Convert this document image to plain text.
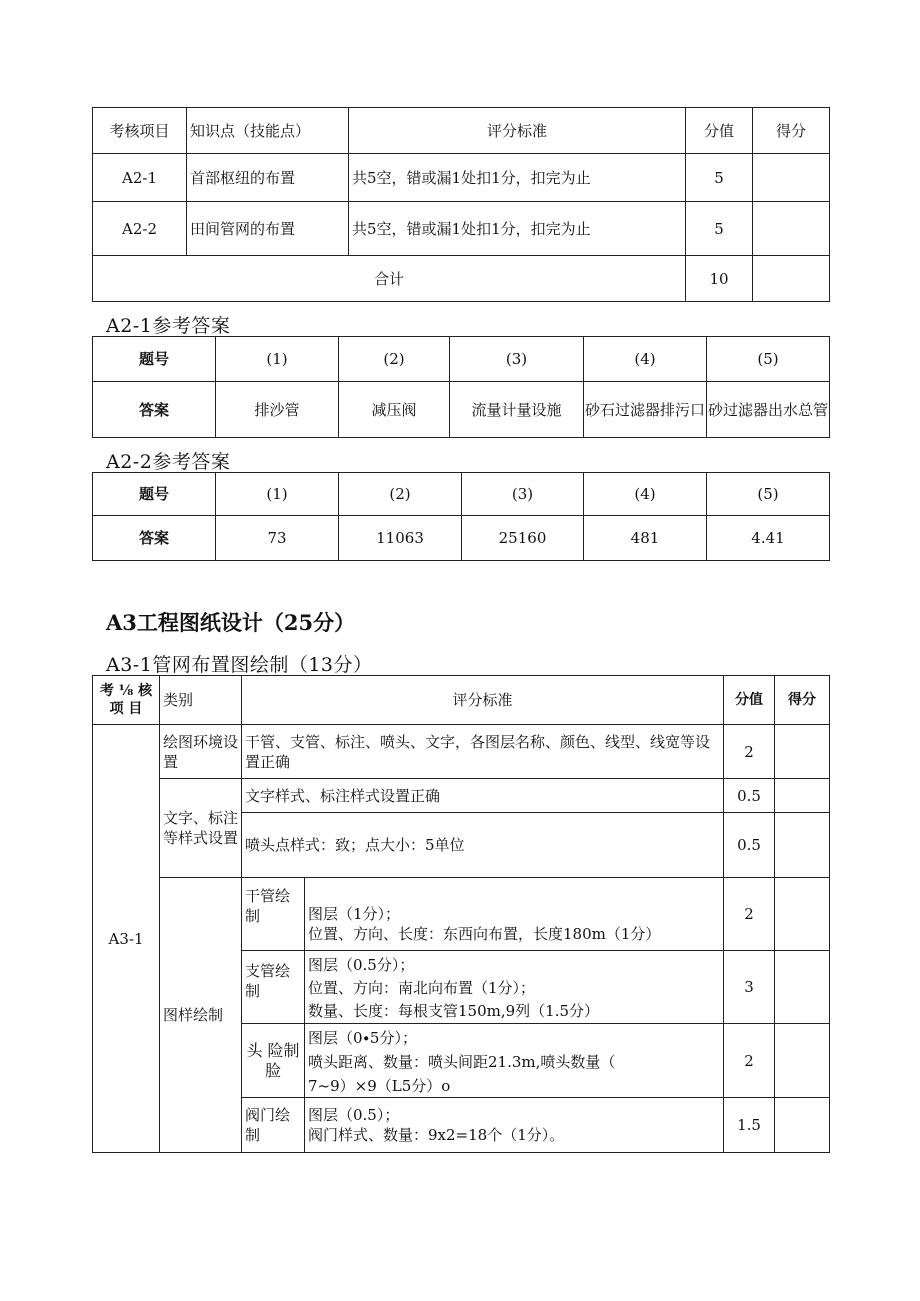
考核项目	知识点（技能点）	评分标准	分值	得分
A2-1	首部枢纽的布置	共5空，错或漏1处扣1分，扣完为止	5	
A2-2	田间管网的布置	共5空，错或漏1处扣1分，扣完为止	5	
合计			10	
A2-1参考答案
题号	(1)	(2)	(3)	(4)	(5)
答案	排沙管	减压阀	流量计量设施	砂石过滤器排污口	砂过滤器出水总管
A2-2参考答案
题号	(1)	(2)	(3)	(4)	(5)
答案	73	11063	25160	481	4.41
A3工程图纸设计（25分）
A3-1管网布置图绘制（13分）
考 ⅛ 核项 目	类别	评分标准		分值	得分
A3-1	绘图环境设置	干管、支管、标注、喷头、文字，各图层名称、颜色、线型、线宽等设置正确		2	
	文字、标注等样式设置	文字样式、标注样式设置正确		0.5	
		喷头点样式：致；点大小：5单位		0.5	
	图样绘制	干管绘制	图层（1分）；
位置、方向、长度：东西向布置，长度180m（1分）	2	
		支管绘制	图层（0.5分）；
位置、方向：南北向布置（1分）；
数量、长度：每根支管150m,9列（1.5分）	3	
		头 险制 脸	图层（0∙5分）；
喷头距离、数量：喷头间距21.3m,喷头数量（
7~9）×9（L5分）o	2	
		阀门绘制	图层（0.5）；
阀门样式、数量：9x2=18个（1分）。	1.5	
